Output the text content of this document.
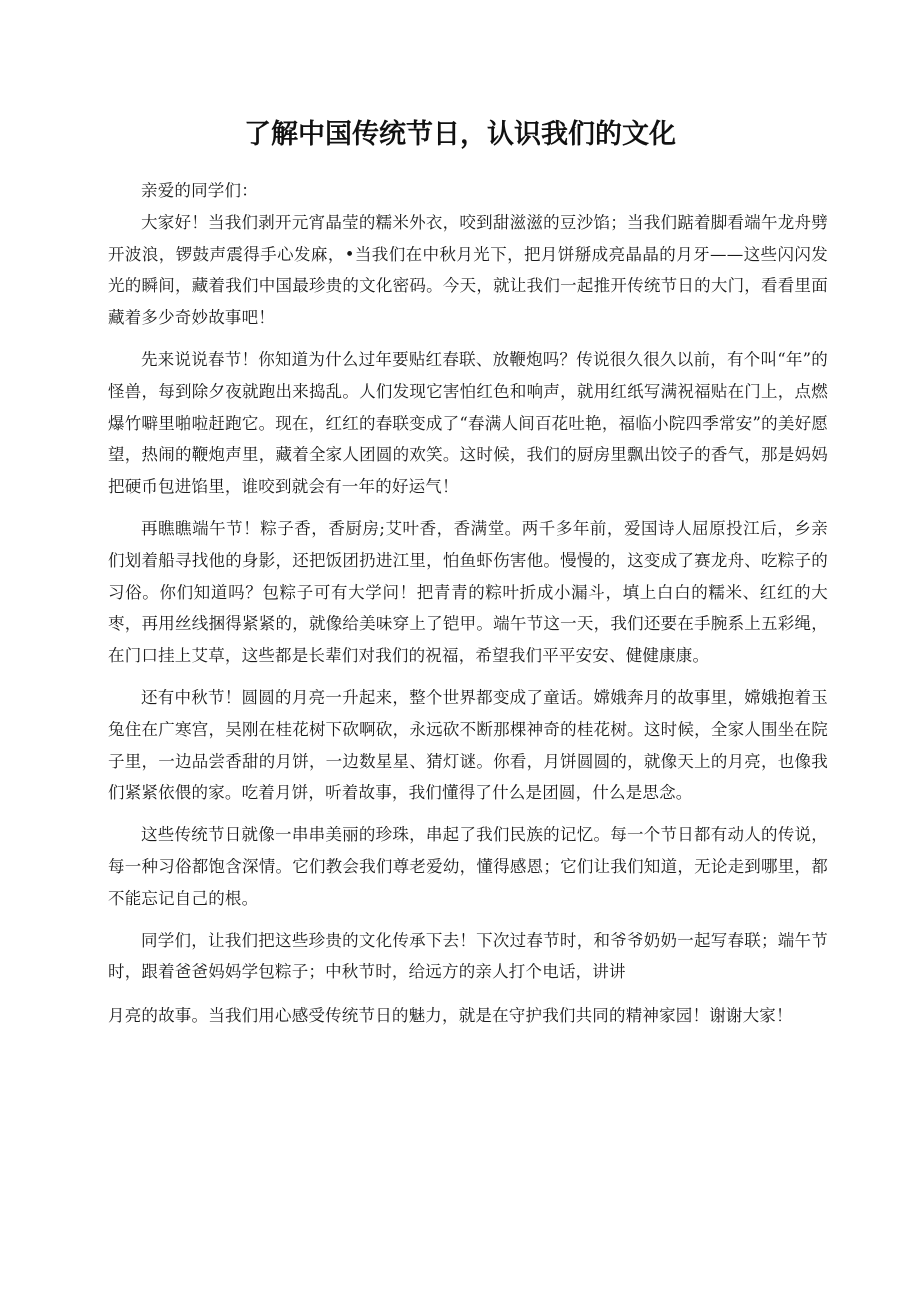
了解中国传统节日，认识我们的文化

亲爱的同学们：

大家好！当我们剥开元宵晶莹的糯米外衣，咬到甜滋滋的豆沙馅；当我们踮着脚看端午龙舟劈开波浪，锣鼓声震得手心发麻，•当我们在中秋月光下，把月饼掰成亮晶晶的月牙——这些闪闪发光的瞬间，藏着我们中国最珍贵的文化密码。今天，就让我们一起推开传统节日的大门，看看里面藏着多少奇妙故事吧！

先来说说春节！你知道为什么过年要贴红春联、放鞭炮吗？传说很久很久以前，有个叫“年”的怪兽，每到除夕夜就跑出来捣乱。人们发现它害怕红色和响声，就用红纸写满祝福贴在门上，点燃爆竹噼里啪啦赶跑它。现在，红红的春联变成了“春满人间百花吐艳，福临小院四季常安”的美好愿望，热闹的鞭炮声里，藏着全家人团圆的欢笑。这时候，我们的厨房里飘出饺子的香气，那是妈妈把硬币包进馅里，谁咬到就会有一年的好运气！

再瞧瞧端午节！粽子香，香厨房;艾叶香，香满堂。两千多年前，爱国诗人屈原投江后，乡亲们划着船寻找他的身影，还把饭团扔进江里，怕鱼虾伤害他。慢慢的，这变成了赛龙舟、吃粽子的习俗。你们知道吗？包粽子可有大学问！把青青的粽叶折成小漏斗，填上白白的糯米、红红的大枣，再用丝线捆得紧紧的，就像给美味穿上了铠甲。端午节这一天，我们还要在手腕系上五彩绳，在门口挂上艾草，这些都是长辈们对我们的祝福，希望我们平平安安、健健康康。

还有中秋节！圆圆的月亮一升起来，整个世界都变成了童话。嫦娥奔月的故事里，嫦娥抱着玉兔住在广寒宫，吴刚在桂花树下砍啊砍，永远砍不断那棵神奇的桂花树。这时候，全家人围坐在院子里，一边品尝香甜的月饼，一边数星星、猜灯谜。你看，月饼圆圆的，就像天上的月亮，也像我们紧紧依偎的家。吃着月饼，听着故事，我们懂得了什么是团圆，什么是思念。

这些传统节日就像一串串美丽的珍珠，串起了我们民族的记忆。每一个节日都有动人的传说，每一种习俗都饱含深情。它们教会我们尊老爱幼，懂得感恩；它们让我们知道，无论走到哪里，都不能忘记自己的根。

同学们，让我们把这些珍贵的文化传承下去！下次过春节时，和爷爷奶奶一起写春联；端午节时，跟着爸爸妈妈学包粽子；中秋节时，给远方的亲人打个电话，讲讲

月亮的故事。当我们用心感受传统节日的魅力，就是在守护我们共同的精神家园！谢谢大家！
